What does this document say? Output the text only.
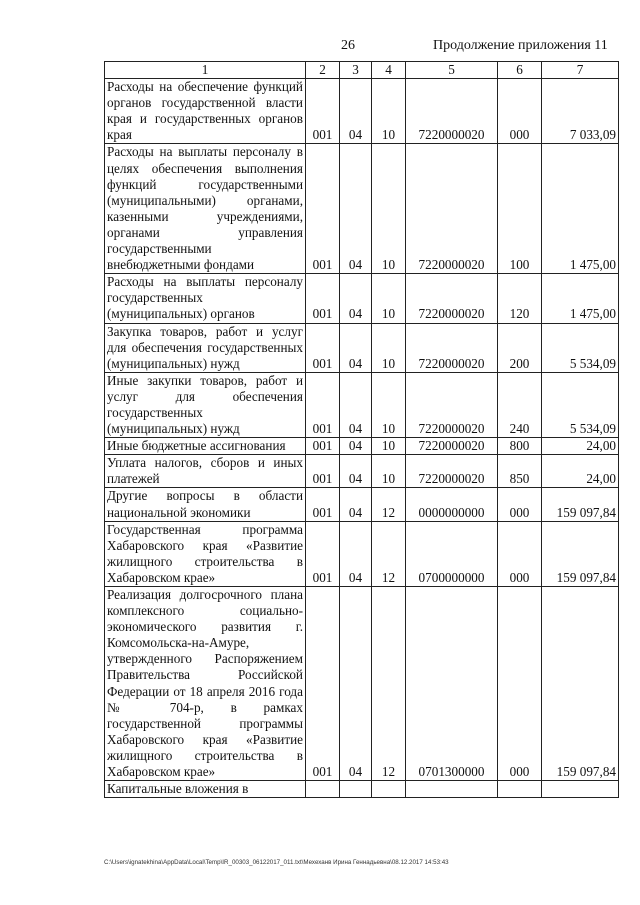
26	Продолжение приложения 11
1	2	3	4	5	6	7
Расходы на обеспечение функций органов государственной власти края и государственных органов края	001	04	10	7220000020	000	7 033,09
Расходы на выплаты персоналу в целях обеспечения выполнения функций государственными (муниципальными) органами, казенными учреждениями, органами управления государственными внебюджетными фондами	001	04	10	7220000020	100	1 475,00
Расходы на выплаты персоналу государственных (муниципальных) органов	001	04	10	7220000020	120	1 475,00
Закупка товаров, работ и услуг для обеспечения государственных (муниципальных) нужд	001	04	10	7220000020	200	5 534,09
Иные закупки товаров, работ и услуг для обеспечения государственных (муниципальных) нужд	001	04	10	7220000020	240	5 534,09
Иные бюджетные ассигнования	001	04	10	7220000020	800	24,00
Уплата налогов, сборов и иных платежей	001	04	10	7220000020	850	24,00
Другие вопросы в области национальной экономики	001	04	12	0000000000	000	159 097,84
Государственная программа Хабаровского края «Развитие жилищного строительства в Хабаровском крае»	001	04	12	0700000000	000	159 097,84
Реализация долгосрочного плана комплексного социально-экономического развития г. Комсомольска-на-Амуре, утвержденного Распоряжением Правительства Российской Федерации от 18 апреля 2016 года № 704-р, в рамках государственной программы Хабаровского края «Развитие жилищного строительства в Хабаровском крае»	001	04	12	0701300000	000	159 097,84
Капитальные вложения в						
C:\Users\ignatekhina\AppData\Local\Temp\IR_00303_06122017_011.txt\Мехеханв Ирина Геннадьевна\08.12.2017 14:53:43
